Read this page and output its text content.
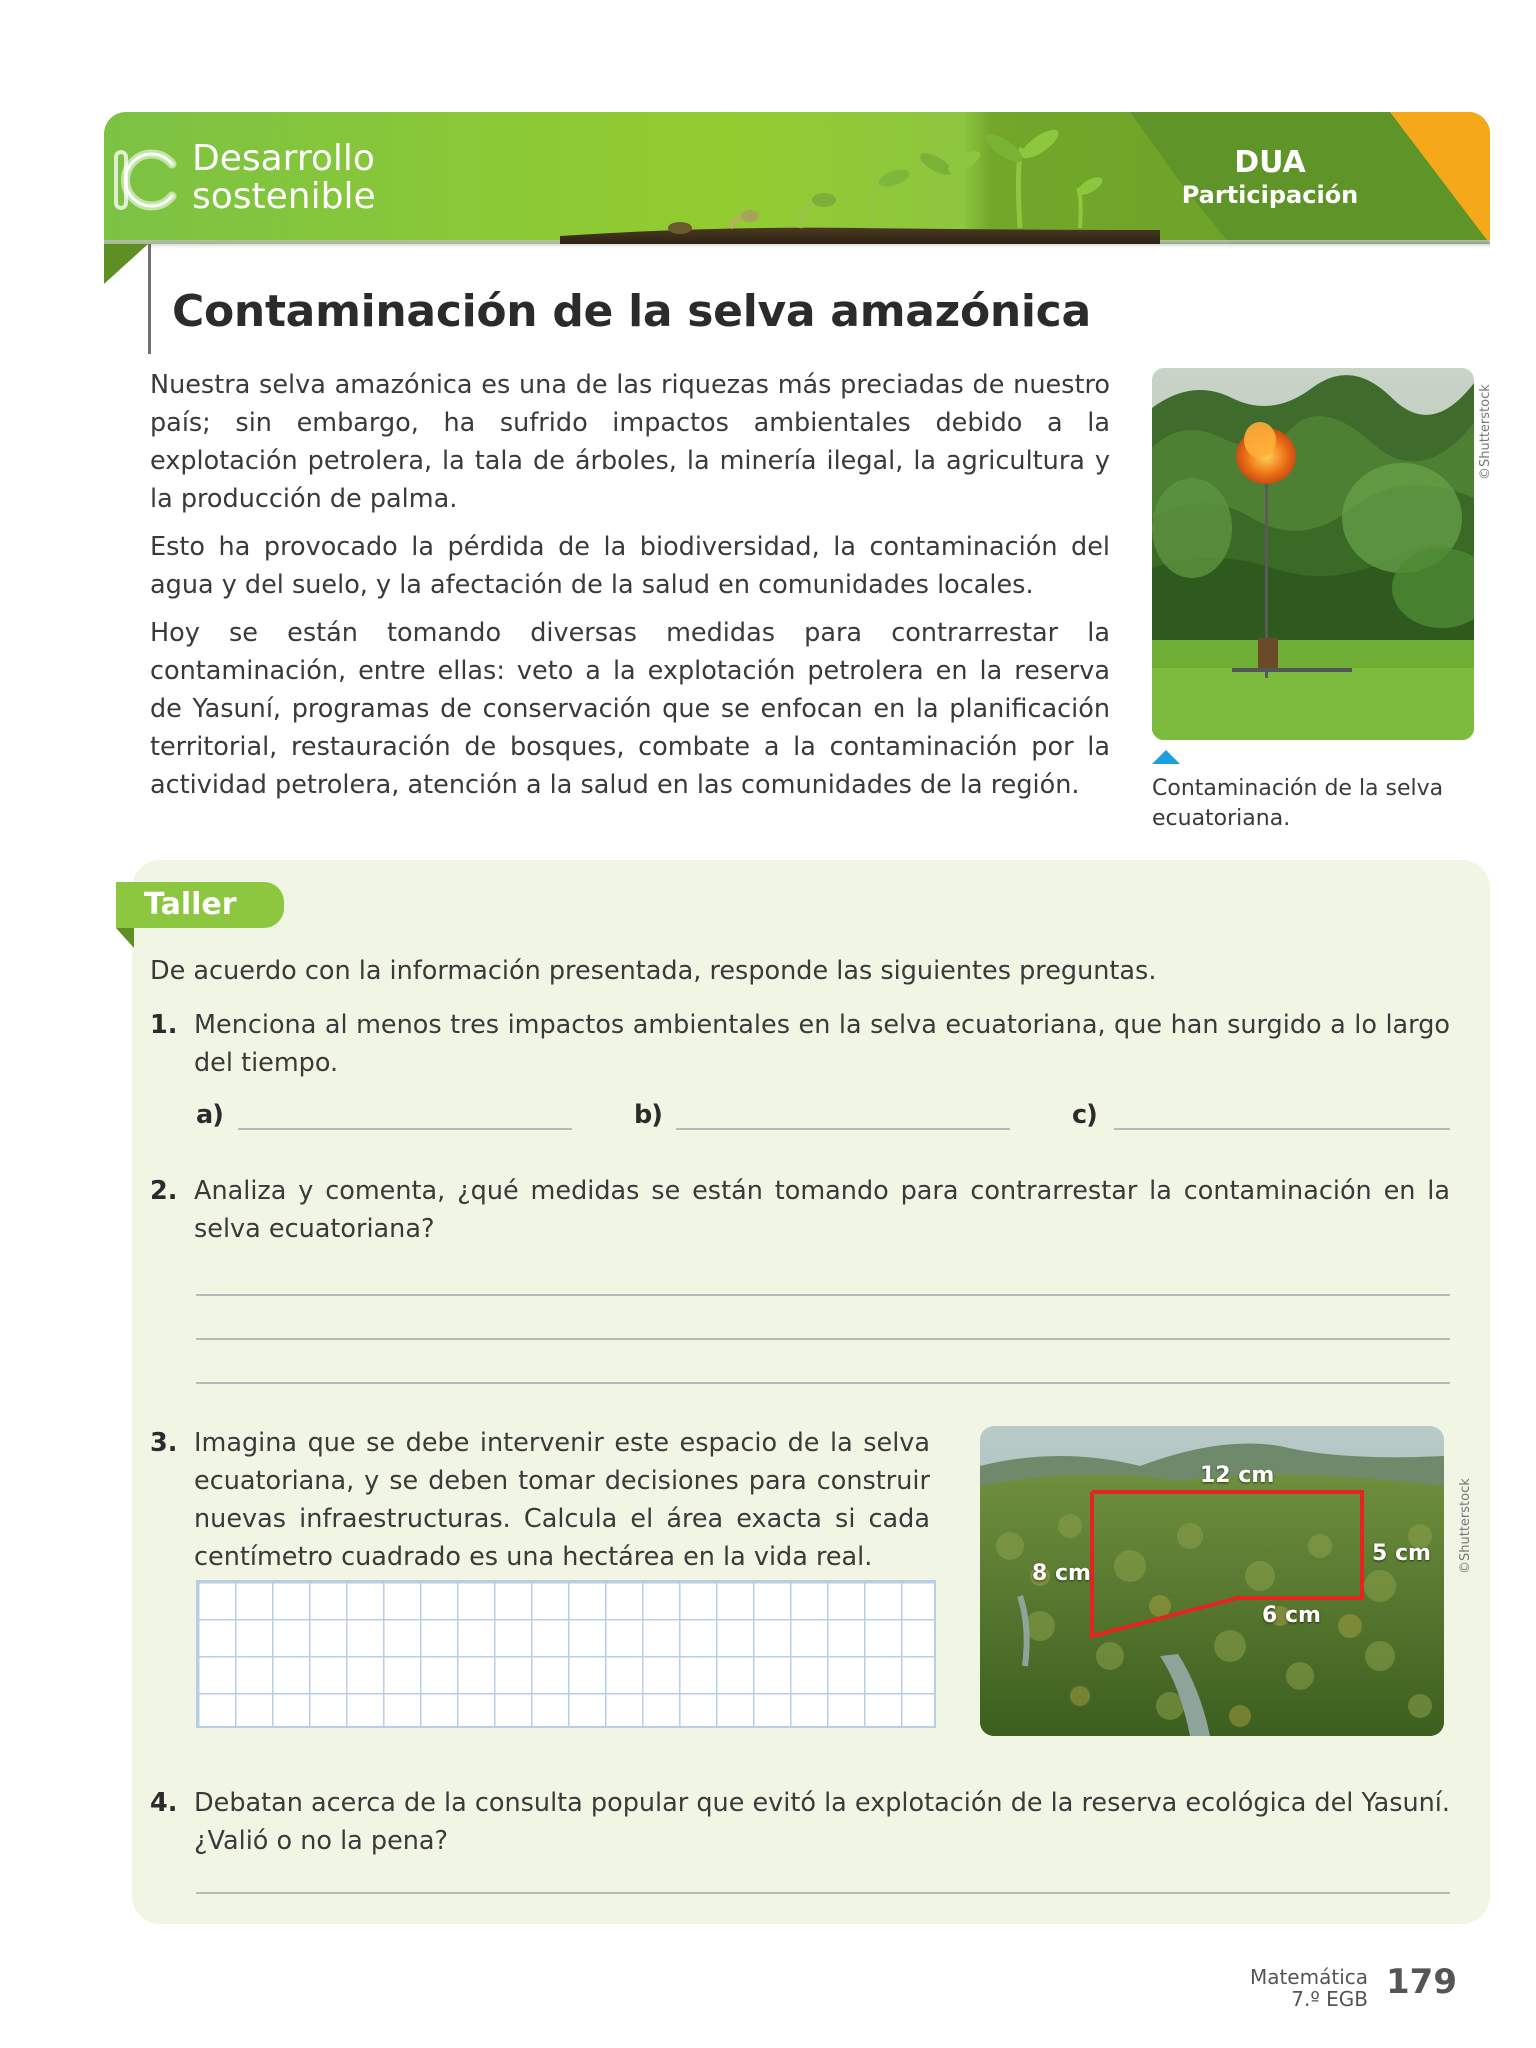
Desarrollo
sostenible
DUA
Participación
Contaminación de la selva amazónica

Nuestra selva amazónica es una de las riquezas más preciadas de nuestro país; sin embargo, ha sufrido impactos ambientales debido a la explotación petrolera, la tala de árboles, la minería ilegal, la agricultura y la producción de palma.

Esto ha provocado la pérdida de la biodiversidad, la contaminación del agua y del suelo, y la afectación de la salud en comunidades locales.

Hoy se están tomando diversas medidas para contrarrestar la contaminación, entre ellas: veto a la explotación petrolera en la reserva de Yasuní, programas de conservación que se enfocan en la planificación territorial, restauración de bosques, combate a la contaminación por la actividad petrolera, atención a la salud en las comunidades de la región.

©Shutterstock
Contaminación de la selva ecuatoriana.
Taller
De acuerdo con la información presentada, responde las siguientes preguntas.
1. Menciona al menos tres impactos ambientales en la selva ecuatoriana, que han surgido a lo largo del tiempo.
a)	b)	c)
2. Analiza y comenta, ¿qué medidas se están tomando para contrarrestar la contaminación en la selva ecuatoriana?
3. Imagina que se debe intervenir este espacio de la selva ecuatoriana, y se deben tomar decisiones para construir nuevas infraestructuras. Calcula el área exacta si cada centímetro cuadrado es una hectárea en la vida real.
12 cm
5 cm
8 cm
6 cm
©Shutterstock
4. Debatan acerca de la consulta popular que evitó la explotación de la reserva ecológica del Yasuní. ¿Valió o no la pena?
Matemática
7.º EGB 179
